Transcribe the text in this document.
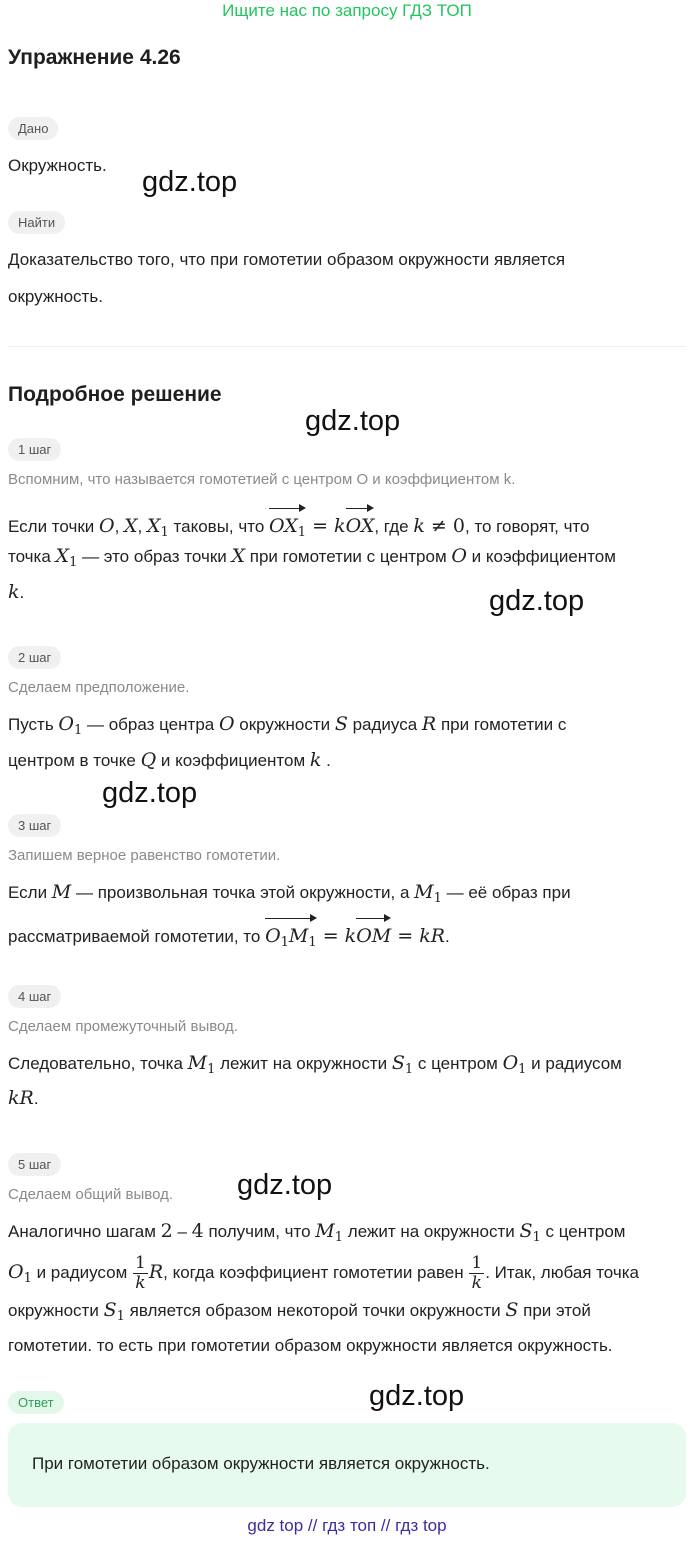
Ищите нас по запросу ГДЗ ТОП
Упражнение 4.26
Дано
Окружность.
Найти
Доказательство того, что при гомотетии образом окружности является
окружность.
Подробное решение
1 шаг
Вспомним, что называется гомотетией с центром O и коэффициентом k.
Если точки O, X, $X_1$ таковы, что $OX_1$ = kOX, где k ≠ 0, то говорят, что
точка $X_1$ — это образ точки X при гомотетии с центром O и коэффициентом
k.
2 шаг
Сделаем предположение.
Пусть $O_1$ — образ центра O окружности S радиуса R при гомотетии с
центром в точке Q и коэффициентом k .
3 шаг
Запишем верное равенство гомотетии.
Если M — произвольная точка этой окружности, а $M_1$ — её образ при
рассматриваемой гомотетии, то $O_1M_1$ = kOM = kR.
4 шаг
Сделаем промежуточный вывод.
Следовательно, точка $M_1$ лежит на окружности $S_1$ с центром $O_1$ и радиусом
kR.
5 шаг
Сделаем общий вывод.
Аналогично шагам 2 – 4 получим, что $M_1$ лежит на окружности $S_1$ с центром
$O_1$ и радиусом $\frac{1}{k} R$, когда коэффициент гомотетии равен $\frac{1}{k}$ . Итак, любая точка
окружности $S_1$ является образом некоторой точки окружности S при этой
гомотетии. то есть при гомотетии образом окружности является окружность.
Ответ
При гомотетии образом окружности является окружность.
gdz.top
gdz.top
gdz.top
gdz.top
gdz.top
gdz.top
gdz top // гдз топ // гдз top
